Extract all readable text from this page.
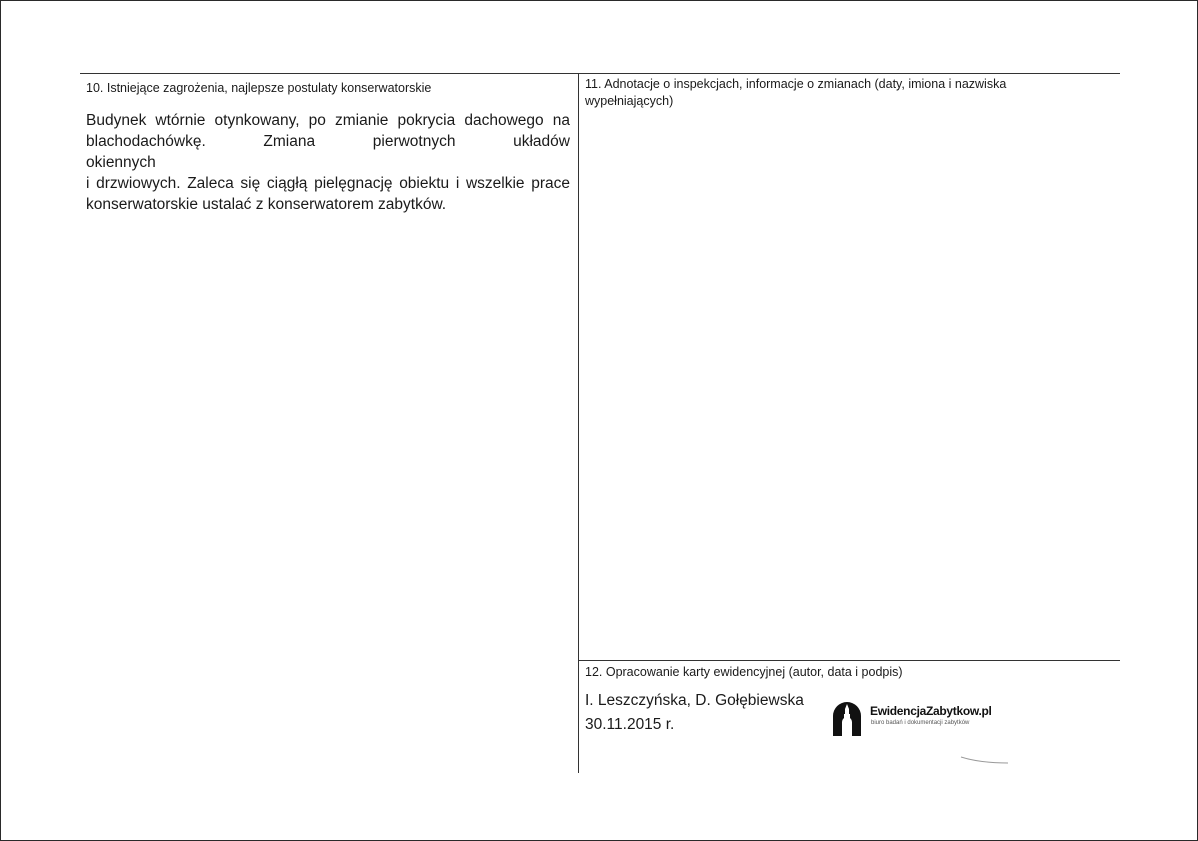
10. Istniejące zagrożenia, najlepsze postulaty konserwatorskie
Budynek wtórnie otynkowany, po zmianie pokrycia dachowego na
blachodachówkę. Zmiana pierwotnych układów okiennych
i drzwiowych. Zaleca się ciągłą pielęgnację obiektu i wszelkie prace
konserwatorskie ustalać z konserwatorem zabytków.
11. Adnotacje o inspekcjach, informacje o zmianach (daty, imiona i nazwiska
wypełniających)
12. Opracowanie karty ewidencyjnej (autor, data i podpis)
I. Leszczyńska, D. Gołębiewska
30.11.2015 r.
EwidencjaZabytkow.pl
biuro badań i dokumentacji zabytków
